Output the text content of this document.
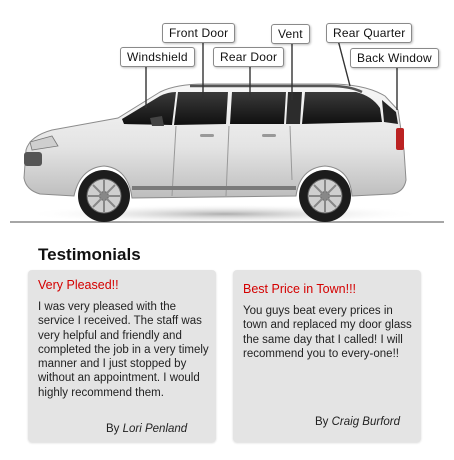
Windshield
Front Door
Rear Door
Vent	Rear Quarter
Back Window
Testimonials
Very Pleased!!
I was very pleased with the service I received. The staff was very helpful and friendly and completed the job in a very timely manner and I just stopped by without an appointment. I would highly recommend them.
By Lori Penland
Best Price in Town!!!
You guys beat every prices in town and replaced my door glass the same day that I called! I will recommend you to every-one!!
By Craig Burford
